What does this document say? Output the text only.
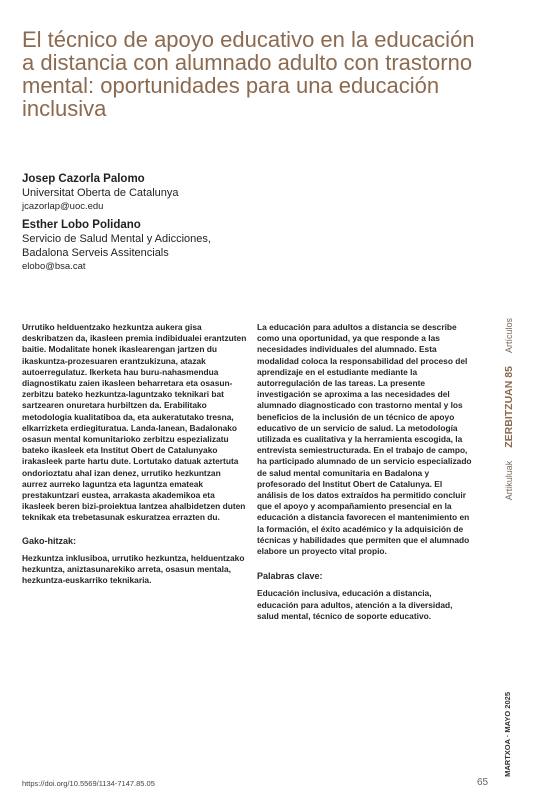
El técnico de apoyo educativo en la educación a distancia con alumnado adulto con trastorno mental: oportunidades para una educación inclusiva
Josep Cazorla Palomo
Universitat Oberta de Catalunya
jcazorlap@uoc.edu
Esther Lobo Polidano
Servicio de Salud Mental y Adicciones,
Badalona Serveis Assitencials
elobo@bsa.cat

Urrutiko helduentzako hezkuntza aukera gisa deskribatzen da, ikasleen premia indibidualei erantzuten baitie. Modalitate honek ikaslearengan jartzen du ikaskuntza-prozesuaren erantzukizuna, atazak autoerregulatuz. Ikerketa hau buru-nahasmendua diagnostikatu zaien ikasleen beharretara eta osasun-zerbitzu bateko hezkuntza-laguntzako teknikari bat sartzearen onuretara hurbiltzen da. Erabilitako metodologia kualitatiboa da, eta aukeratutako tresna, elkarrizketa erdiegituratua. Landa-lanean, Badalonako osasun mental komunitarioko zerbitzu espezializatu bateko ikasleek eta Institut Obert de Catalunyako irakasleek parte hartu dute. Lortutako datuak aztertuta ondorioztatu ahal izan denez, urrutiko hezkuntzan aurrez aurreko laguntza eta laguntza emateak prestakuntzari eustea, arrakasta akademikoa eta ikasleek beren bizi-proiektua lantzea ahalbidetzen duten teknikak eta trebetasunak eskuratzea errazten du.

Gako-hitzak:

Hezkuntza inklusiboa, urrutiko hezkuntza, helduentzako hezkuntza, aniztasunarekiko arreta, osasun mentala, hezkuntza-euskarriko teknikaria.

La educación para adultos a distancia se describe como una oportunidad, ya que responde a las necesidades individuales del alumnado. Esta modalidad coloca la responsabilidad del proceso del aprendizaje en el estudiante mediante la autorregulación de las tareas. La presente investigación se aproxima a las necesidades del alumnado diagnosticado con trastorno mental y los beneficios de la inclusión de un técnico de apoyo educativo de un servicio de salud. La metodología utilizada es cualitativa y la herramienta escogida, la entrevista semiestructurada. En el trabajo de campo, ha participado alumnado de un servicio especializado de salud mental comunitaria en Badalona y profesorado del Institut Obert de Catalunya. El análisis de los datos extraídos ha permitido concluir que el apoyo y acompañamiento presencial en la educación a distancia favorecen el mantenimiento en la formación, el éxito académico y la adquisición de técnicas y habilidades que permiten que el alumnado elabore un proyecto vital propio.

Palabras clave:

Educación inclusiva, educación a distancia, educación para adultos, atención a la diversidad, salud mental, técnico de soporte educativo.

Artikuluak  ZERBITZUAN 85  Artículos
MARTXOA · MAYO 2025
https://doi.org/10.5569/1134-7147.85.05	65
